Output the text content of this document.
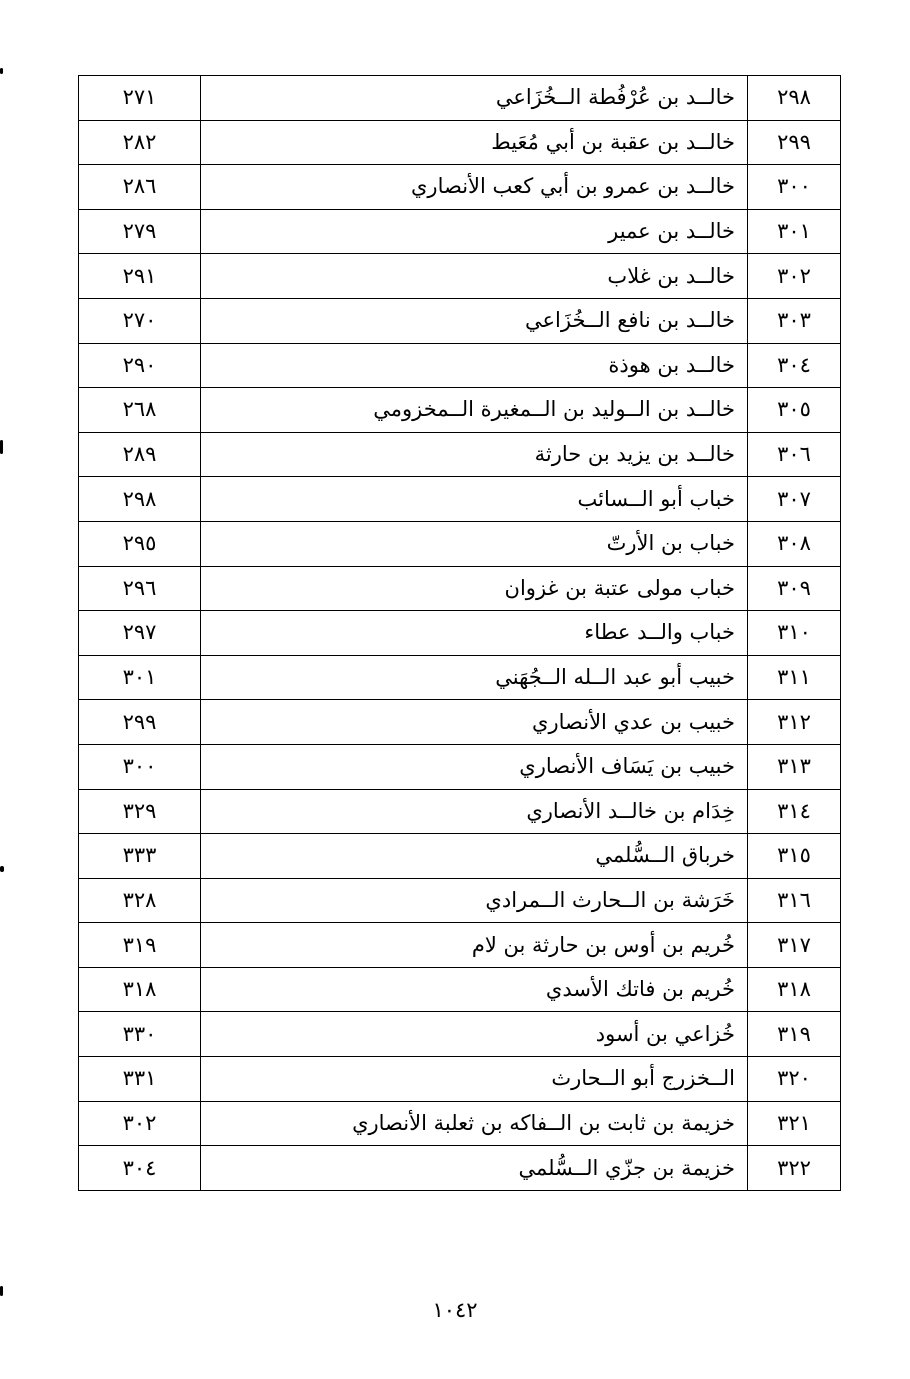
٢٩٨	خالــد بن عُرْفُطة الــخُزَاعي	٢٧١
٢٩٩	خالــد بن عقبة بن أبي مُعَيط	٢٨٢
٣٠٠	خالــد بن عمرو بن أبي كعب الأنصاري	٢٨٦
٣٠١	خالــد بن عمير	٢٧٩
٣٠٢	خالــد بن غلاب	٢٩١
٣٠٣	خالــد بن نافع الــخُزَاعي	٢٧٠
٣٠٤	خالــد بن هوذة	٢٩٠
٣٠٥	خالــد بن الــوليد بن الــمغيرة الــمخزومي	٢٦٨
٣٠٦	خالــد بن يزيد بن حارثة	٢٨٩
٣٠٧	خباب أبو الــسائب	٢٩٨
٣٠٨	خباب بن الأرتّ	٢٩٥
٣٠٩	خباب مولى عتبة بن غزوان	٢٩٦
٣١٠	خباب والــد عطاء	٢٩٧
٣١١	خبيب أبو عبد الــله الــجُهَني	٣٠١
٣١٢	خبيب بن عدي الأنصاري	٢٩٩
٣١٣	خبيب بن يَسَاف الأنصاري	٣٠٠
٣١٤	خِدَام بن خالــد الأنصاري	٣٢٩
٣١٥	خرباق الــسُّلمي	٣٣٣
٣١٦	خَرَشة بن الــحارث الــمرادي	٣٢٨
٣١٧	خُريم بن أوس بن حارثة بن لام	٣١٩
٣١٨	خُريم بن فاتك الأسدي	٣١٨
٣١٩	خُزاعي بن أسود	٣٣٠
٣٢٠	الــخزرج أبو الــحارث	٣٣١
٣٢١	خزيمة بن ثابت بن الــفاكه بن ثعلبة الأنصاري	٣٠٢
٣٢٢	خزيمة بن جزّي الــسُّلمي	٣٠٤
١٠٤٢
